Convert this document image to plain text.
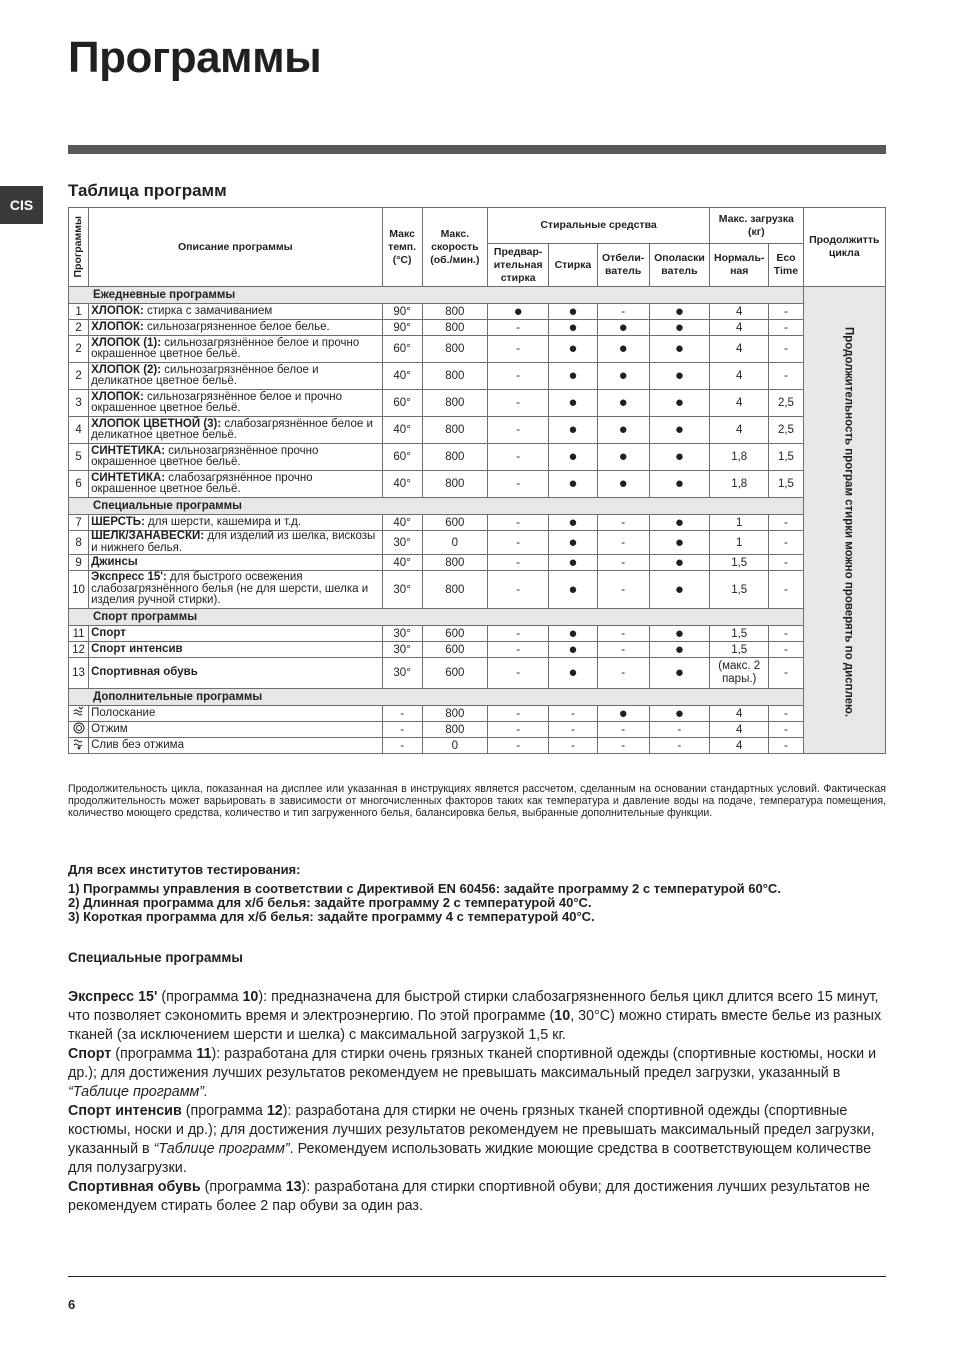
Программы
CIS
Таблица программ
Программы	Описание программы	Макс темп. (°C)	Макс. скорость (об./мин.)	Стиральные средства				Макс. загрузка (кг)		Продолжитть цикла
				Предвар-ительная стирка	Стирка	Отбели-ватель	Ополаски ватель	Нормаль-ная	Eco Time	
Ежедневные программы										Продолжительность програм стирки можно проверять по дисплею.

1	ХЛОПОК: стирка с замачиванием	90°	800	●	●	-	●	4	-	
2	ХЛОПОК: сильнозагрязненное белое белье.	90°	800	-	●	●	●	4	-	
2	ХЛОПОК (1): сильнозагрязнённое белое и прочно окрашенное цветное бельё.	60°	800	-	●	●	●	4	-	
2	ХЛОПОК (2): сильнозагрязнённое белое и деликатное цветное бельё.	40°	800	-	●	●	●	4	-	
3	ХЛОПОК: сильнозагрязнённое белое и прочно окрашенное цветное бельё.	60°	800	-	●	●	●	4	2,5	
4	ХЛОПОК ЦВЕТНОЙ (3): слабозагрязнённое белое и деликатное цветное бельё.	40°	800	-	●	●	●	4	2,5	
5	СИНТЕТИКА: сильнозагрязнённое прочно окрашенное цветное бельё.	60°	800	-	●	●	●	1,8	1,5	
6	СИНТЕТИКА: слабозагрязнённое прочно окрашенное цветное бельё.	40°	800	-	●	●	●	1,8	1,5	
Специальные программы										
7	ШЕРСТЬ: для шерсти, кашемира и т.д.	40°	600	-	●	-	●	1	-	
8	ШЕЛК/ЗАНАВЕСКИ: для изделий из шелка, вискозы и нижнего белья.	30°	0	-	●	-	●	1	-	
9	Джинсы	40°	800	-	●	-	●	1,5	-	
10	Экспресс 15': для быстрого освежения слабозагрязнённого белья (не для шерсти, шелка и изделия ручной стирки).	30°	800	-	●	-	●	1,5	-	
Спорт программы										
11	Спорт	30°	600	-	●	-	●	1,5	-	
12	Спорт интенсив	30°	600	-	●	-	●	1,5	-	
13	Спортивная обувь	30°	600	-	●	-	●	(макс. 2 пары.)	-	
Дополнительные программы										
	Полоскание	-	800	-	-	●	●	4	-	
	Отжим	-	800	-	-	-	-	4	-	
	Слив беэ отжима	-	0	-	-	-	-	4	-	

Продолжительность цикла, показанная на дисплее или указанная в инструкциях является рассчетом, сделанным на основании стандартных условий. Фактическая продолжительность может варьировать в зависимости от многочисленных факторов таких как температура и давление воды на подаче, температура помещения, количество моющего средства, количество и тип загруженного белья, балансировка белья, выбранные дополнительные функции.

Для всех институтов тестирования:

1) Программы управления в соответствии с Директивой EN 60456: задайте программу 2 с температурой 60°C.
2) Длинная программа для х/б белья: задайте программу 2 с температурой 40°C.
3) Короткая программа для х/б белья: задайте программу 4 с температурой 40°C.

Специальные программы

Экспресс 15' (программа 10): предназначена для быстрой стирки слабозагрязненного белья цикл длится всего 15 минут, что позволяет сэкономить время и электроэнергию. По этой программе (10, 30°C) можно стирать вместе белье из разных тканей (за исключением шерсти и шелка) с максимальной загрузкой 1,5 кг.
Спорт (программа 11): разработана для стирки очень грязных тканей спортивной одежды (спортивные костюмы, носки и др.); для достижения лучших результатов рекомендуем не превышать максимальный предел загрузки, указанный в “Таблице программ”.
Спорт интенсив (программа 12): разработана для стирки не очень грязных тканей спортивной одежды (спортивные костюмы, носки и др.); для достижения лучших результатов рекомендуем не превышать максимальный предел загрузки, указанный в “Таблице программ”. Рекомендуем использовать жидкие моющие средства в соответствующем количестве для полузагрузки.
Спортивная обувь (программа 13): разработана для стирки спортивной обуви; для достижения лучших результатов не рекомендуем стирать более 2 пар обуви за один раз.
6
